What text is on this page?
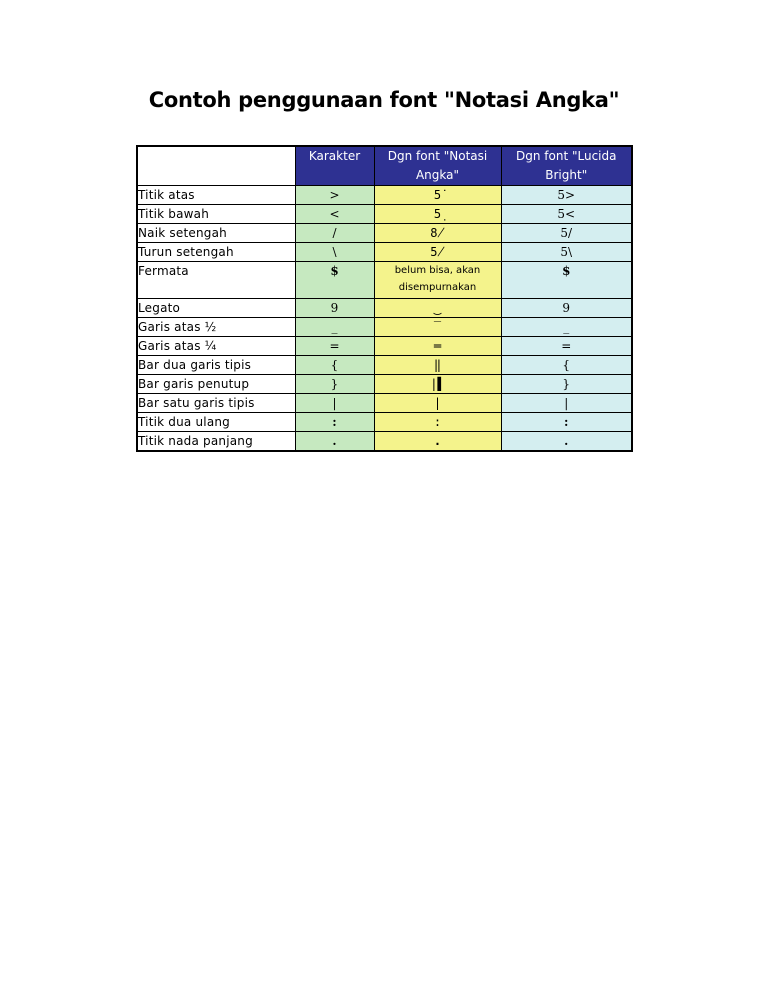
Contoh penggunaan font "Notasi Angka"
	Karakter	Dgn font "Notasi Angka"	Dgn font "Lucida Bright"
Titik atas	>	5̇	5>
Titik bawah	<	5̣	5<
Naik setengah	/	8̸	5/
Turun setengah	\	5̸	5\
Fermata	$	belum bisa, akan disempurnakan	$
Legato	9	‿	9
Garis atas ½	_	‾	_
Garis atas ¼	=	═	=
Bar dua garis tipis	{	‖	{
Bar garis penutup	}	|▌	}
Bar satu garis tipis	|	|	|
Titik dua ulang	:	:	:
Titik nada panjang	.	.	.
